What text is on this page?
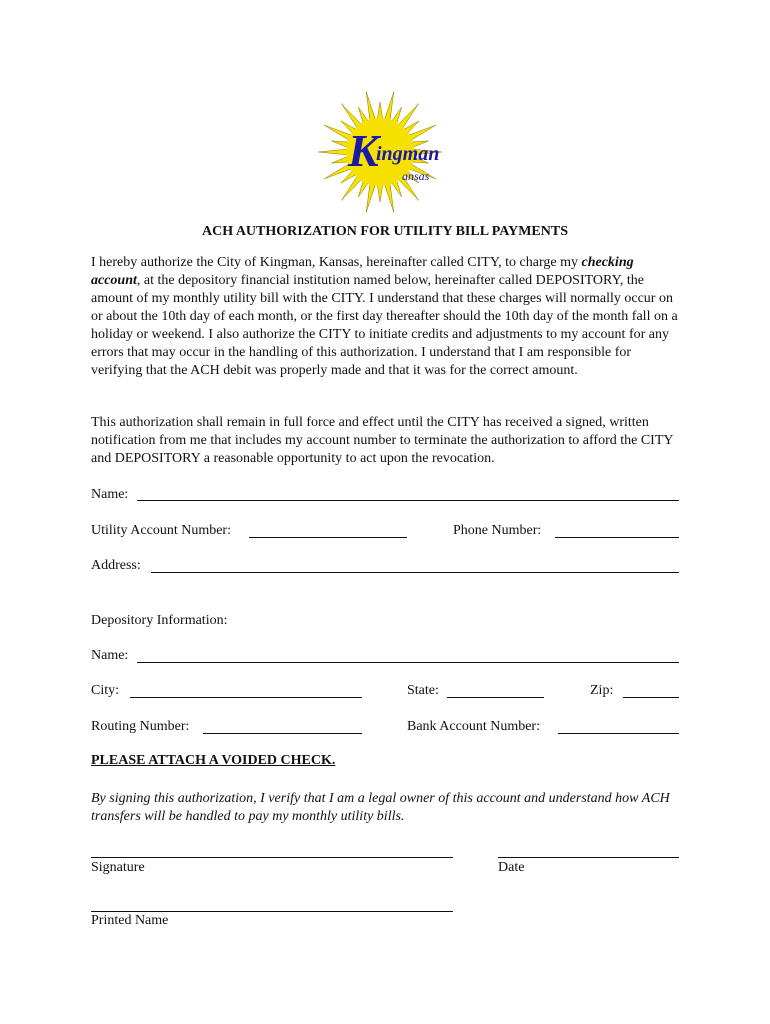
K
ingman
ansas
ACH AUTHORIZATION FOR UTILITY BILL PAYMENTS
I hereby authorize the City of Kingman, Kansas, hereinafter called CITY, to charge my checking account, at the depository financial institution named below, hereinafter called DEPOSITORY, the amount of my monthly utility bill with the CITY. I understand that these charges will normally occur on or about the 10th day of each month, or the first day thereafter should the 10th day of the month fall on a holiday or weekend. I also authorize the CITY to initiate credits and adjustments to my account for any errors that may occur in the handling of this authorization. I understand that I am responsible for verifying that the ACH debit was properly made and that it was for the correct amount.
This authorization shall remain in full force and effect until the CITY has received a signed, written notification from me that includes my account number to terminate the authorization to afford the CITY and DEPOSITORY a reasonable opportunity to act upon the revocation.
Name:
Utility Account Number:	Phone Number:
Address:
Depository Information:
Name:
City:	State:	Zip:
Routing Number:	Bank Account Number:
PLEASE ATTACH A VOIDED CHECK.
By signing this authorization, I verify that I am a legal owner of this account and understand how ACH transfers will be handled to pay my monthly utility bills.
Signature	Date
Printed Name
